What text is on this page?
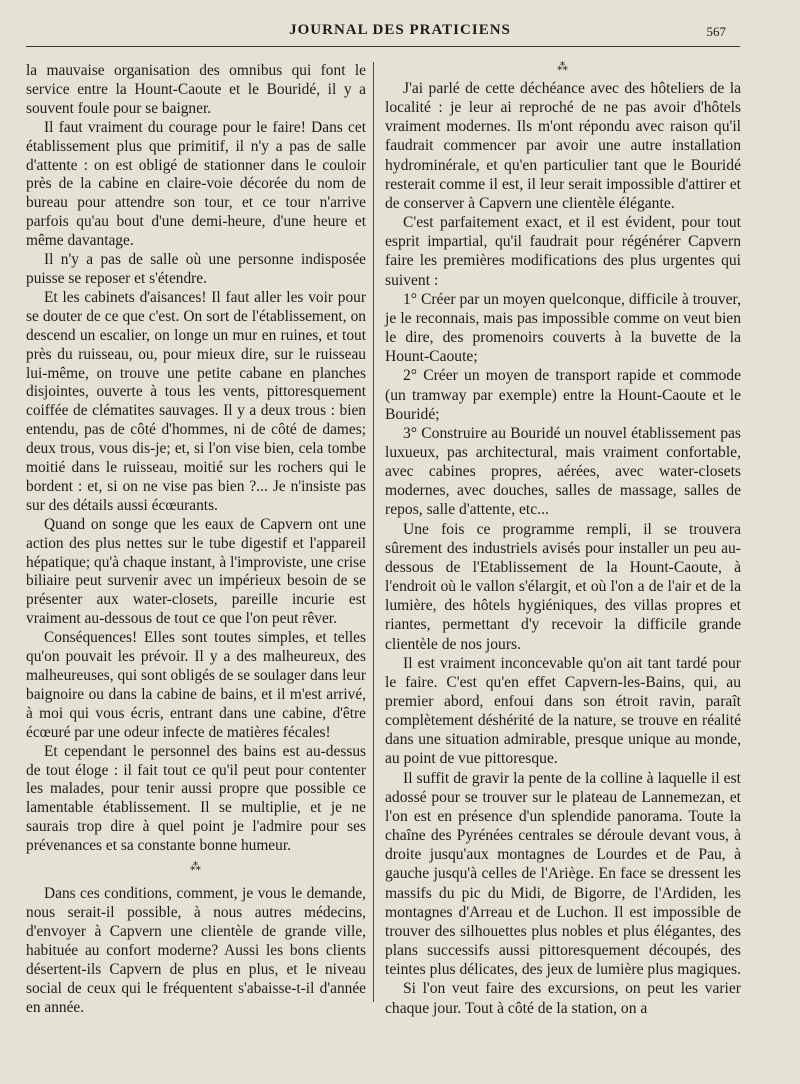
JOURNAL DES PRATICIENS	567

la mauvaise organisation des omnibus qui font le service entre la Hount-Caoute et le Bouridé, il y a souvent foule pour se baigner.

Il faut vraiment du courage pour le faire! Dans cet établissement plus que primitif, il n'y a pas de salle d'attente : on est obligé de stationner dans le couloir près de la cabine en claire-voie décorée du nom de bureau pour attendre son tour, et ce tour n'arrive parfois qu'au bout d'une demi-heure, d'une heure et même davantage.

Il n'y a pas de salle où une personne indisposée puisse se reposer et s'étendre.

Et les cabinets d'aisances! Il faut aller les voir pour se douter de ce que c'est. On sort de l'établissement, on descend un escalier, on longe un mur en ruines, et tout près du ruisseau, ou, pour mieux dire, sur le ruisseau lui-même, on trouve une petite cabane en planches disjointes, ouverte à tous les vents, pittoresquement coiffée de clématites sauvages. Il y a deux trous : bien entendu, pas de côté d'hommes, ni de côté de dames; deux trous, vous dis-je; et, si l'on vise bien, cela tombe moitié dans le ruisseau, moitié sur les rochers qui le bordent : et, si on ne vise pas bien ?... Je n'insiste pas sur des détails aussi écœurants.

Quand on songe que les eaux de Capvern ont une action des plus nettes sur le tube digestif et l'appareil hépatique; qu'à chaque instant, à l'improviste, une crise biliaire peut survenir avec un impérieux besoin de se présenter aux water-closets, pareille incurie est vraiment au-dessous de tout ce que l'on peut rêver.

Conséquences! Elles sont toutes simples, et telles qu'on pouvait les prévoir. Il y a des malheureux, des malheureuses, qui sont obligés de se soulager dans leur baignoire ou dans la cabine de bains, et il m'est arrivé, à moi qui vous écris, entrant dans une cabine, d'être écœuré par une odeur infecte de matières fécales!

Et cependant le personnel des bains est au-dessus de tout éloge : il fait tout ce qu'il peut pour contenter les malades, pour tenir aussi propre que possible ce lamentable établissement. Il se multiplie, et je ne saurais trop dire à quel point je l'admire pour ses prévenances et sa constante bonne humeur.

⁂

Dans ces conditions, comment, je vous le demande, nous serait-il possible, à nous autres médecins, d'envoyer à Capvern une clientèle de grande ville, habituée au confort moderne? Aussi les bons clients désertent-ils Capvern de plus en plus, et le niveau social de ceux qui le fréquentent s'abaisse-t-il d'année en année.

⁂

J'ai parlé de cette déchéance avec des hôteliers de la localité : je leur ai reproché de ne pas avoir d'hôtels vraiment modernes. Ils m'ont répondu avec raison qu'il faudrait commencer par avoir une autre installation hydrominérale, et qu'en particulier tant que le Bouridé resterait comme il est, il leur serait impossible d'attirer et de conserver à Capvern une clientèle élégante.

C'est parfaitement exact, et il est évident, pour tout esprit impartial, qu'il faudrait pour régénérer Capvern faire les premières modifications des plus urgentes qui suivent :

1° Créer par un moyen quelconque, difficile à trouver, je le reconnais, mais pas impossible comme on veut bien le dire, des promenoirs couverts à la buvette de la Hount-Caoute;

2° Créer un moyen de transport rapide et commode (un tramway par exemple) entre la Hount-Caoute et le Bouridé;

3° Construire au Bouridé un nouvel établissement pas luxueux, pas architectural, mais vraiment confortable, avec cabines propres, aérées, avec water-closets modernes, avec douches, salles de massage, salles de repos, salle d'attente, etc...

Une fois ce programme rempli, il se trouvera sûrement des industriels avisés pour installer un peu au-dessous de l'Etablissement de la Hount-Caoute, à l'endroit où le vallon s'élargit, et où l'on a de l'air et de la lumière, des hôtels hygiéniques, des villas propres et riantes, permettant d'y recevoir la difficile grande clientèle de nos jours.

Il est vraiment inconcevable qu'on ait tant tardé pour le faire. C'est qu'en effet Capvern-les-Bains, qui, au premier abord, enfoui dans son étroit ravin, paraît complètement déshérité de la nature, se trouve en réalité dans une situation admirable, presque unique au monde, au point de vue pittoresque.

Il suffit de gravir la pente de la colline à laquelle il est adossé pour se trouver sur le plateau de Lannemezan, et l'on est en présence d'un splendide panorama. Toute la chaîne des Pyrénées centrales se déroule devant vous, à droite jusqu'aux montagnes de Lourdes et de Pau, à gauche jusqu'à celles de l'Ariège. En face se dressent les massifs du pic du Midi, de Bigorre, de l'Ardiden, les montagnes d'Arreau et de Luchon. Il est impossible de trouver des silhouettes plus nobles et plus élégantes, des plans successifs aussi pittoresquement découpés, des teintes plus délicates, des jeux de lumière plus magiques.

Si l'on veut faire des excursions, on peut les varier chaque jour. Tout à côté de la station, on a
